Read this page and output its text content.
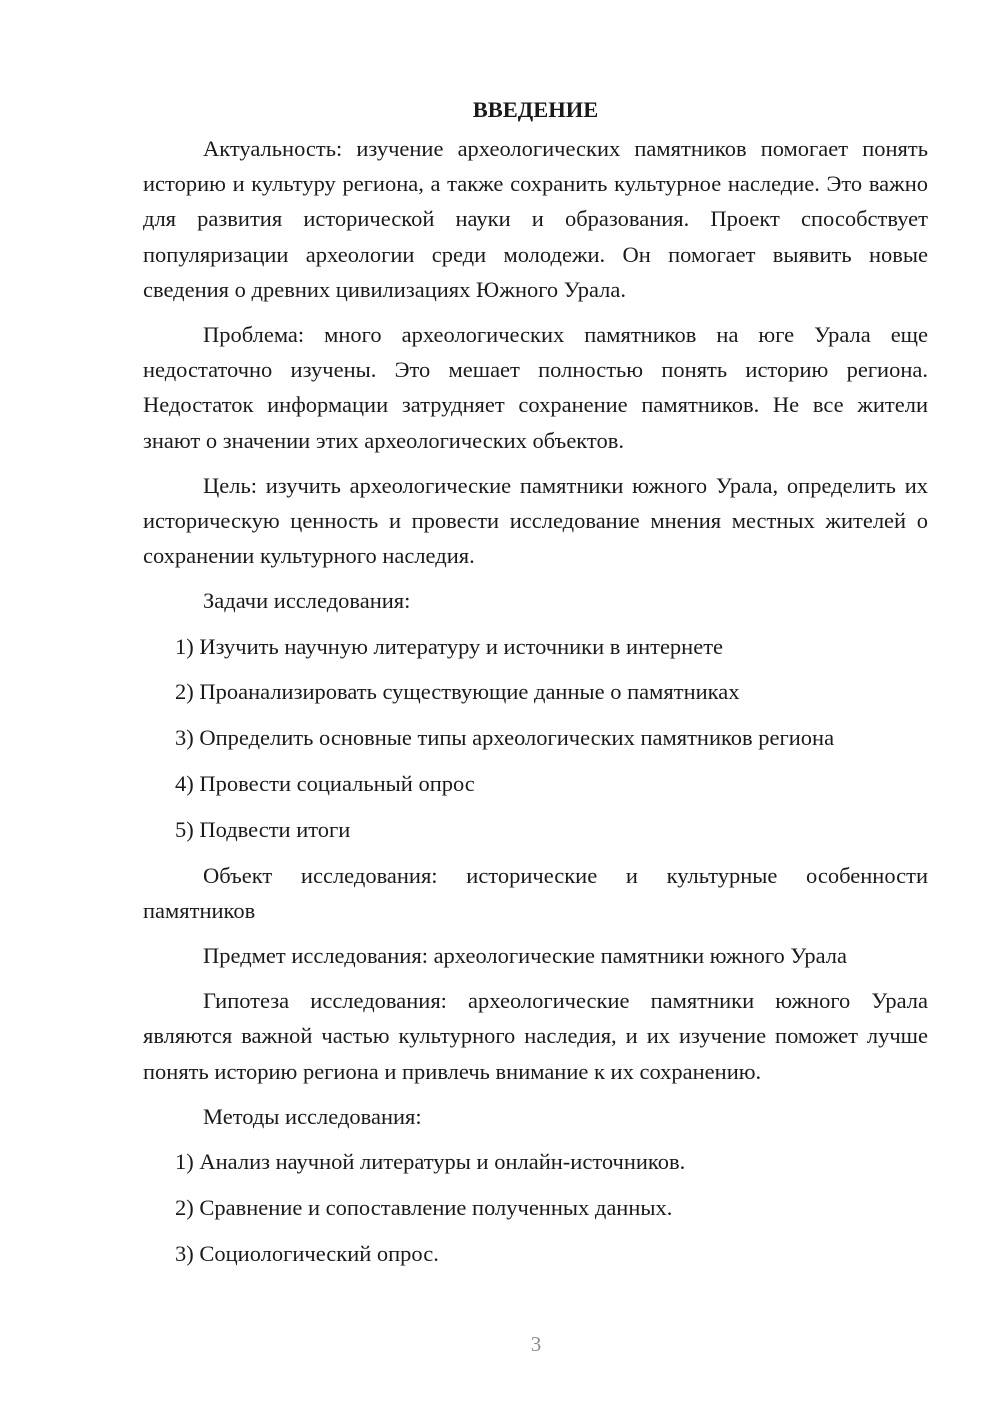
ВВЕДЕНИЕ

Актуальность: изучение археологических памятников помогает понять историю и культуру региона, а также сохранить культурное наследие. Это важно для развития исторической науки и образования. Проект способствует популяризации археологии среди молодежи. Он помогает выявить новые сведения о древних цивилизациях Южного Урала.

Проблема: много археологических памятников на юге Урала еще недостаточно изучены. Это мешает полностью понять историю региона. Недостаток информации затрудняет сохранение памятников. Не все жители знают о значении этих археологических объектов.

Цель: изучить археологические памятники южного Урала, определить их историческую ценность и провести исследование мнения местных жителей о сохранении культурного наследия.

Задачи исследования:

1) Изучить научную литературу и источники в интернете
2) Проанализировать существующие данные о памятниках
3) Определить основные типы археологических памятников региона
4) Провести социальный опрос
5) Подвести итоги

Объект исследования: исторические и культурные особенности памятников

Предмет исследования: археологические памятники южного Урала

Гипотеза исследования: археологические памятники южного Урала являются важной частью культурного наследия, и их изучение поможет лучше понять историю региона и привлечь внимание к их сохранению.

Методы исследования:

1) Анализ научной литературы и онлайн-источников.
2) Сравнение и сопоставление полученных данных.
3) Социологический опрос.
3
